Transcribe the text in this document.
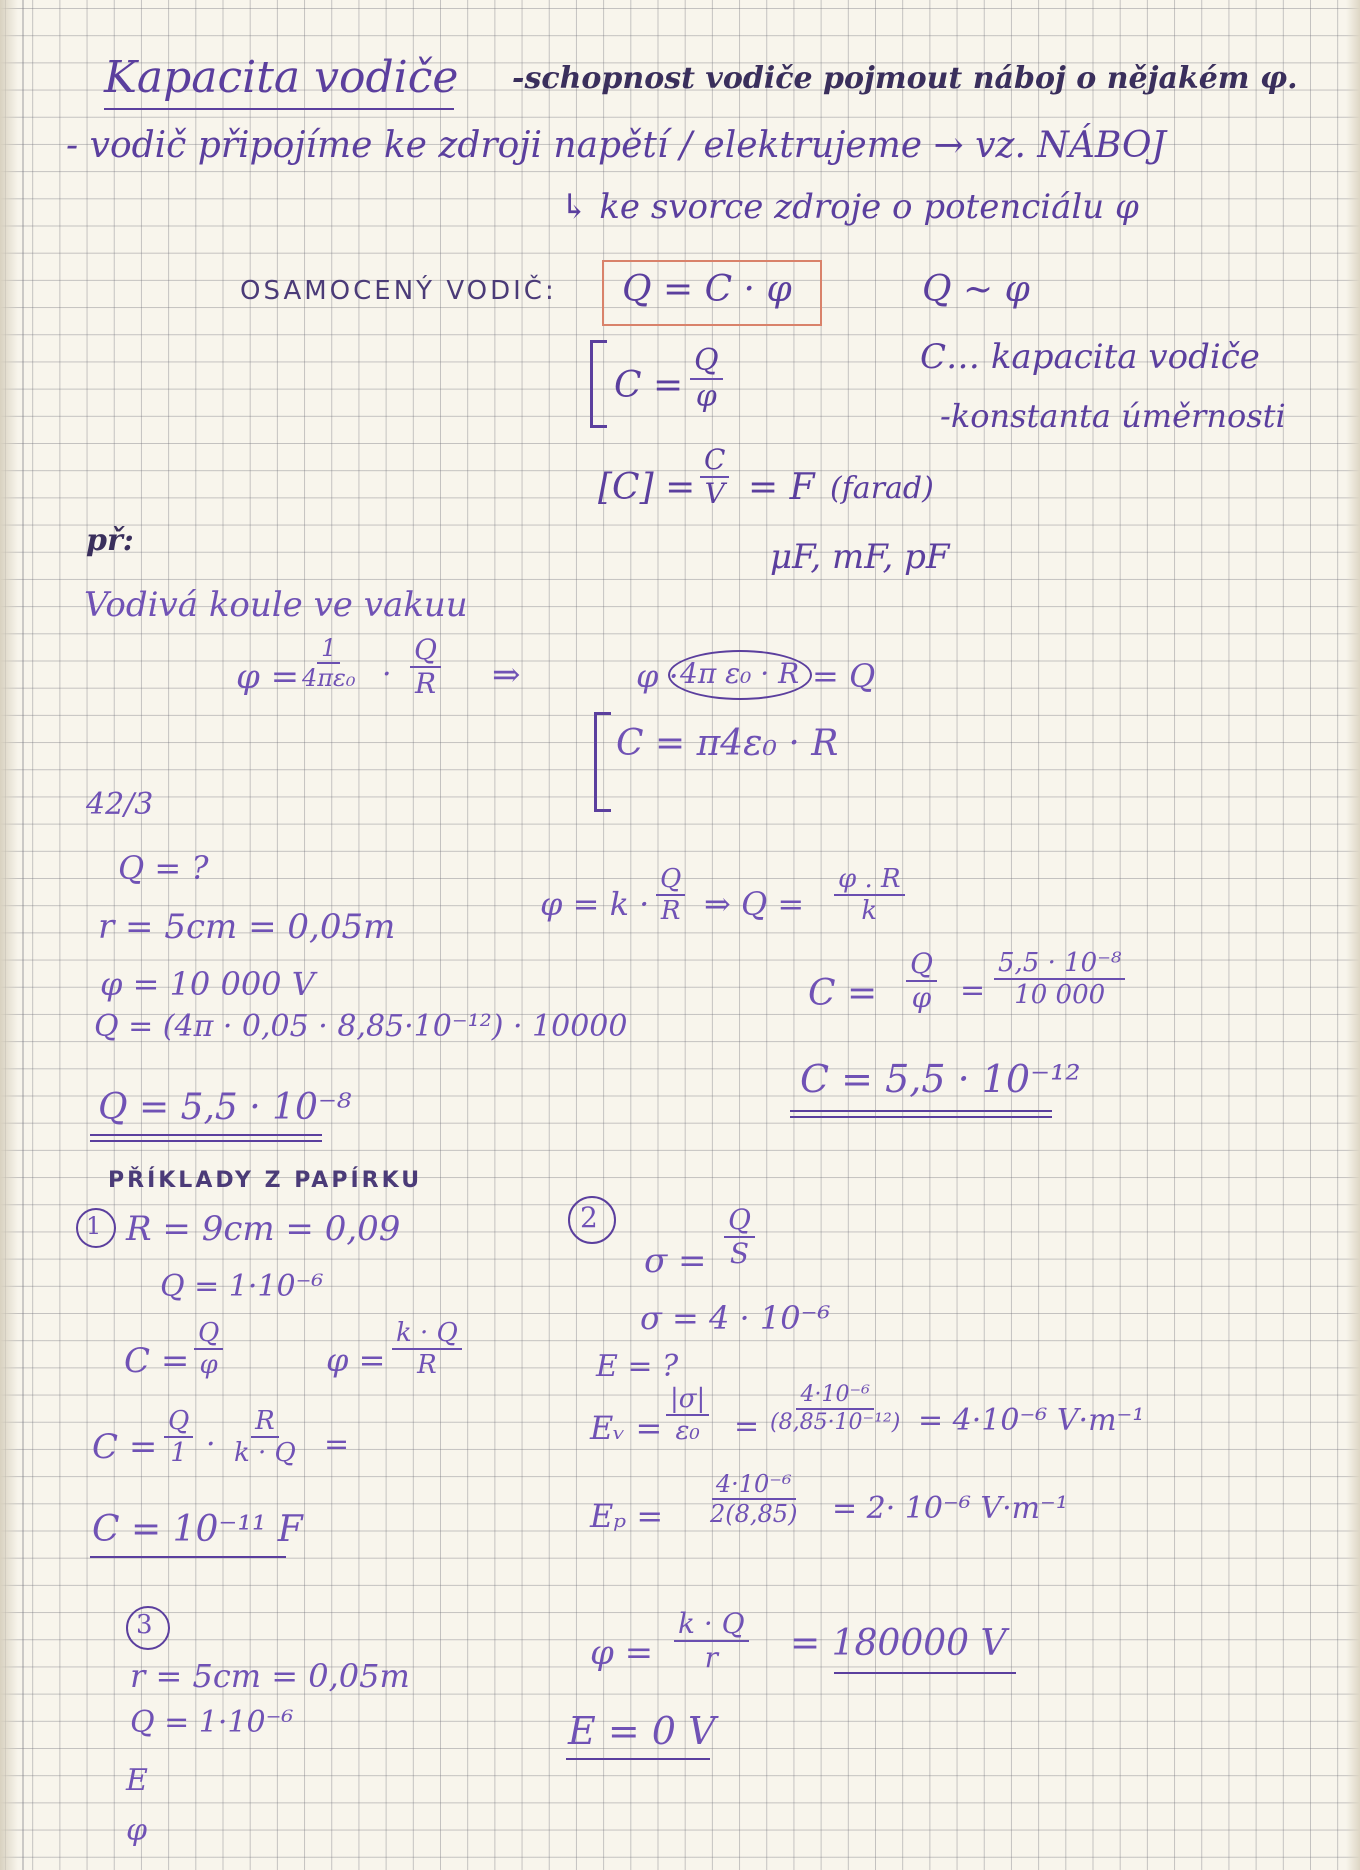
Kapacita vodiče -schopnost vodiče pojmout náboj o nějakém φ.
- vodič připojíme ke zdroji napětí / elektrujeme → vz. NÁBOJ
↳ ke svorce zdroje o potenciálu φ
OSAMOCENÝ VODIČ: Q = C · φ	Q ~ φ
C… kapacita vodiče
-konstanta úměrnosti
$C = \frac{Q}{\varphi}$
$[C] = \frac{C}{V} = F$ (farad)
μF, mF, pF
př:
Vodivá koule ve vakuu
$\varphi = \frac{1}{\text{4πε₀}} \cdot \frac{Q}{R}$ ⇒	φ · 4π ε₀ · R = Q
C = π4ε₀ · R
42/3
Q = ?
r = 5cm = 0,05m
φ = 10 000 V
Q = (4π · 0,05 · 8,85·10⁻¹²) · 10000
Q = 5,5 · 10⁻⁸
$\varphi = k \cdot \frac{Q}{R}$ ⇒ $Q = \frac{\varphi . R}{k}$
$C = \frac{Q}{\varphi} = \frac{\text{5,5 · 10⁻⁸}}{10 000}$
C = 5,5 · 10⁻¹²
PŘÍKLADY Z PAPÍRKU
1 R = 9cm = 0,09
Q = 1·10⁻⁶
$C = \frac{Q}{\varphi}$	$\varphi = \frac{k \cdot Q}{R}$
$C = \frac{Q}{1} \cdot \frac{R}{k \cdot Q}$ =
C = 10⁻¹¹ F
2
$\sigma = \frac{Q}{S}$
σ = 4 · 10⁻⁶
E = ?
Eᵥ = $\frac{|\sigma|}{\text{ε₀}} = \frac{\text{4·10⁻⁶}}{\text{(8,85·10⁻¹²)}} = 4\cdot 10^{-6}$ V·m⁻¹
$E_p = \frac{\text{4·10⁻⁶}}{2(8,85)} = 2\cdot 10^{-6}$ V·m⁻¹
3
r = 5cm = 0,05m
Q = 1·10⁻⁶
E
φ
$\varphi = \frac{k \cdot Q}{r} = 180000$ V
E = 0 V
